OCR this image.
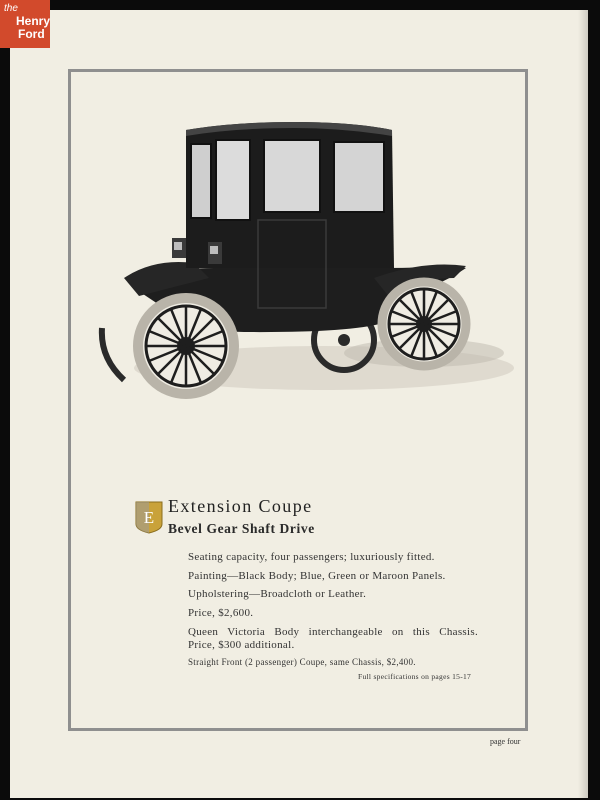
the
Henry
Ford
E
Extension Coupe
Bevel Gear Shaft Drive
Seating capacity, four passengers; luxuriously fitted.
Painting—Black Body; Blue, Green or Maroon Panels.
Upholstering—Broadcloth or Leather.
Price, $2,600.
Queen Victoria Body interchangeable on this Chassis.
Price, $300 additional.
Straight Front (2 passenger) Coupe, same Chassis, $2,400.
Full specifications on pages 15-17
page four
